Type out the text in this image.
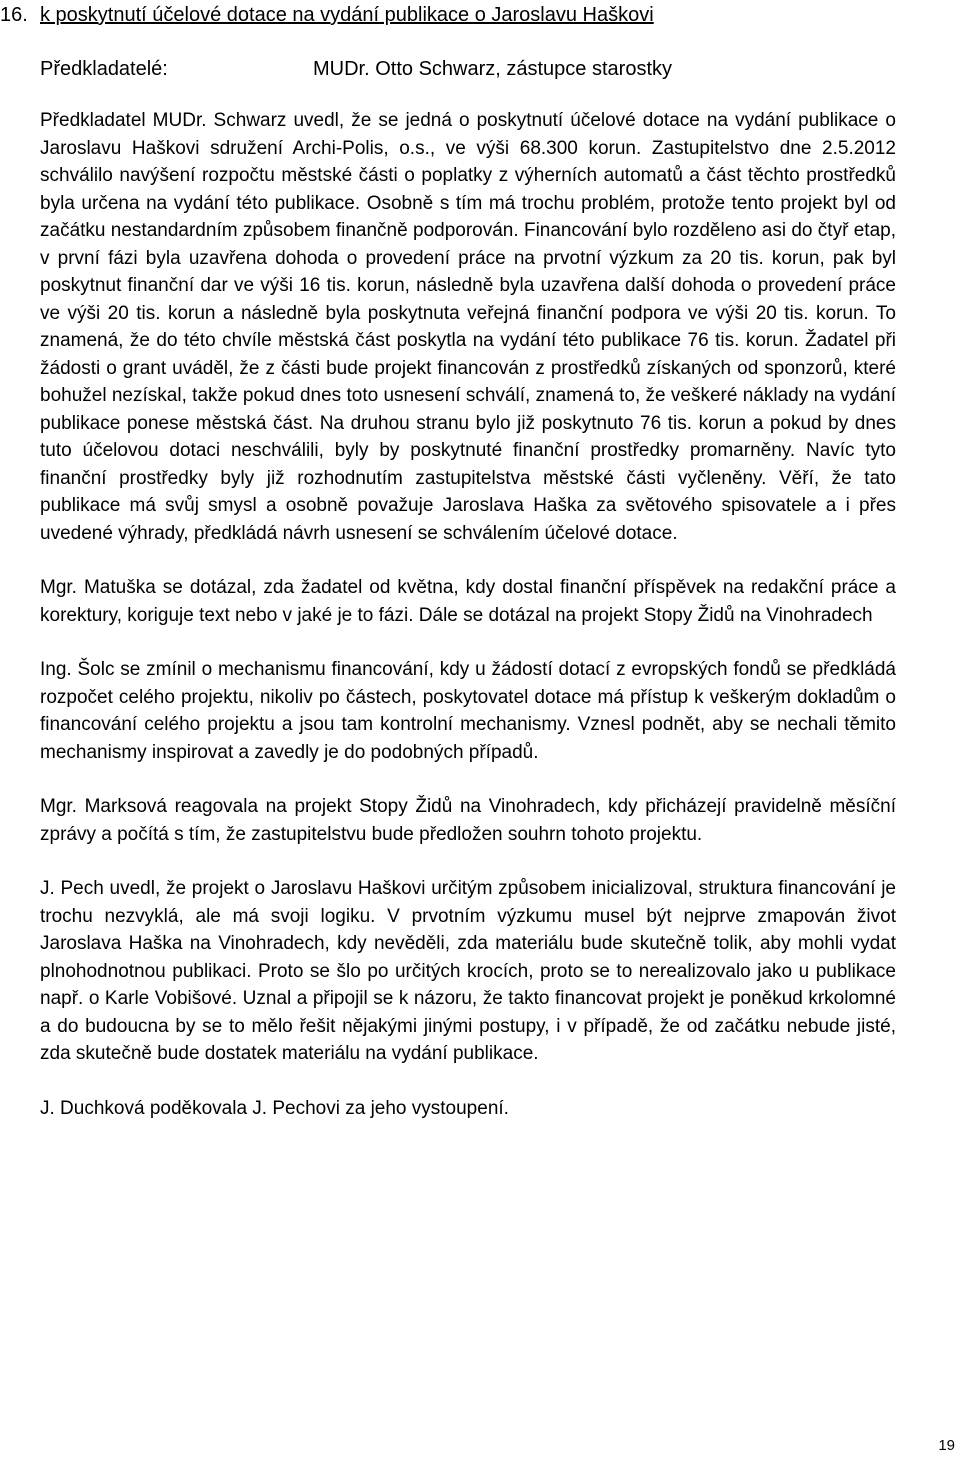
16. k poskytnutí účelové dotace na vydání publikace o Jaroslavu Haškovi
Předkladatelé:	MUDr. Otto Schwarz, zástupce starostky

Předkladatel MUDr. Schwarz uvedl, že se jedná o poskytnutí účelové dotace na vydání publikace o Jaroslavu Haškovi sdružení Archi-Polis, o.s., ve výši 68.300 korun. Zastupitelstvo dne 2.5.2012 schválilo navýšení rozpočtu městské části o poplatky z výherních automatů a část těchto prostředků byla určena na vydání této publikace. Osobně s tím má trochu problém, protože tento projekt byl od začátku nestandardním způsobem finančně podporován. Financování bylo rozděleno asi do čtyř etap, v první fázi byla uzavřena dohoda o provedení práce na prvotní výzkum za 20 tis. korun, pak byl poskytnut finanční dar ve výši 16 tis. korun, následně byla uzavřena další dohoda o provedení práce ve výši 20 tis. korun a následně byla poskytnuta veřejná finanční podpora ve výši 20 tis. korun. To znamená, že do této chvíle městská část poskytla na vydání této publikace 76 tis. korun. Žadatel při žádosti o grant uváděl, že z části bude projekt financován z prostředků získaných od sponzorů, které bohužel nezískal, takže pokud dnes toto usnesení schválí, znamená to, že veškeré náklady na vydání publikace ponese městská část. Na druhou stranu bylo již poskytnuto 76 tis. korun a pokud by dnes tuto účelovou dotaci neschválili, byly by poskytnuté finanční prostředky promarněny. Navíc tyto finanční prostředky byly již rozhodnutím zastupitelstva městské části vyčleněny. Věří, že tato publikace má svůj smysl a osobně považuje Jaroslava Haška za světového spisovatele a i přes uvedené výhrady, předkládá návrh usnesení se schválením účelové dotace.

Mgr. Matuška se dotázal, zda žadatel od května, kdy dostal finanční příspěvek na redakční práce a korektury, koriguje text nebo v jaké je to fázi. Dále se dotázal na projekt Stopy Židů na Vinohradech

Ing. Šolc se zmínil o mechanismu financování, kdy u žádostí dotací z evropských fondů se předkládá rozpočet celého projektu, nikoliv po částech, poskytovatel dotace má přístup k veškerým dokladům o financování celého projektu a jsou tam kontrolní mechanismy. Vznesl podnět, aby se nechali těmito mechanismy inspirovat a zavedly je do podobných případů.

Mgr. Marksová reagovala na projekt Stopy Židů na Vinohradech, kdy přicházejí pravidelně měsíční zprávy a počítá s tím, že zastupitelstvu bude předložen souhrn tohoto projektu.

J. Pech uvedl, že projekt o Jaroslavu Haškovi určitým způsobem inicializoval, struktura financování je trochu nezvyklá, ale má svoji logiku. V prvotním výzkumu musel být nejprve zmapován život Jaroslava Haška na Vinohradech, kdy nevěděli, zda materiálu bude skutečně tolik, aby mohli vydat plnohodnotnou publikaci. Proto se šlo po určitých krocích, proto se to nerealizovalo jako u publikace např. o Karle Vobišové. Uznal a připojil se k názoru, že takto financovat projekt je poněkud krkolomné a do budoucna by se to mělo řešit nějakými jinými postupy, i v případě, že od začátku nebude jisté, zda skutečně bude dostatek materiálu na vydání publikace.

J. Duchková poděkovala J. Pechovi za jeho vystoupení.

19
